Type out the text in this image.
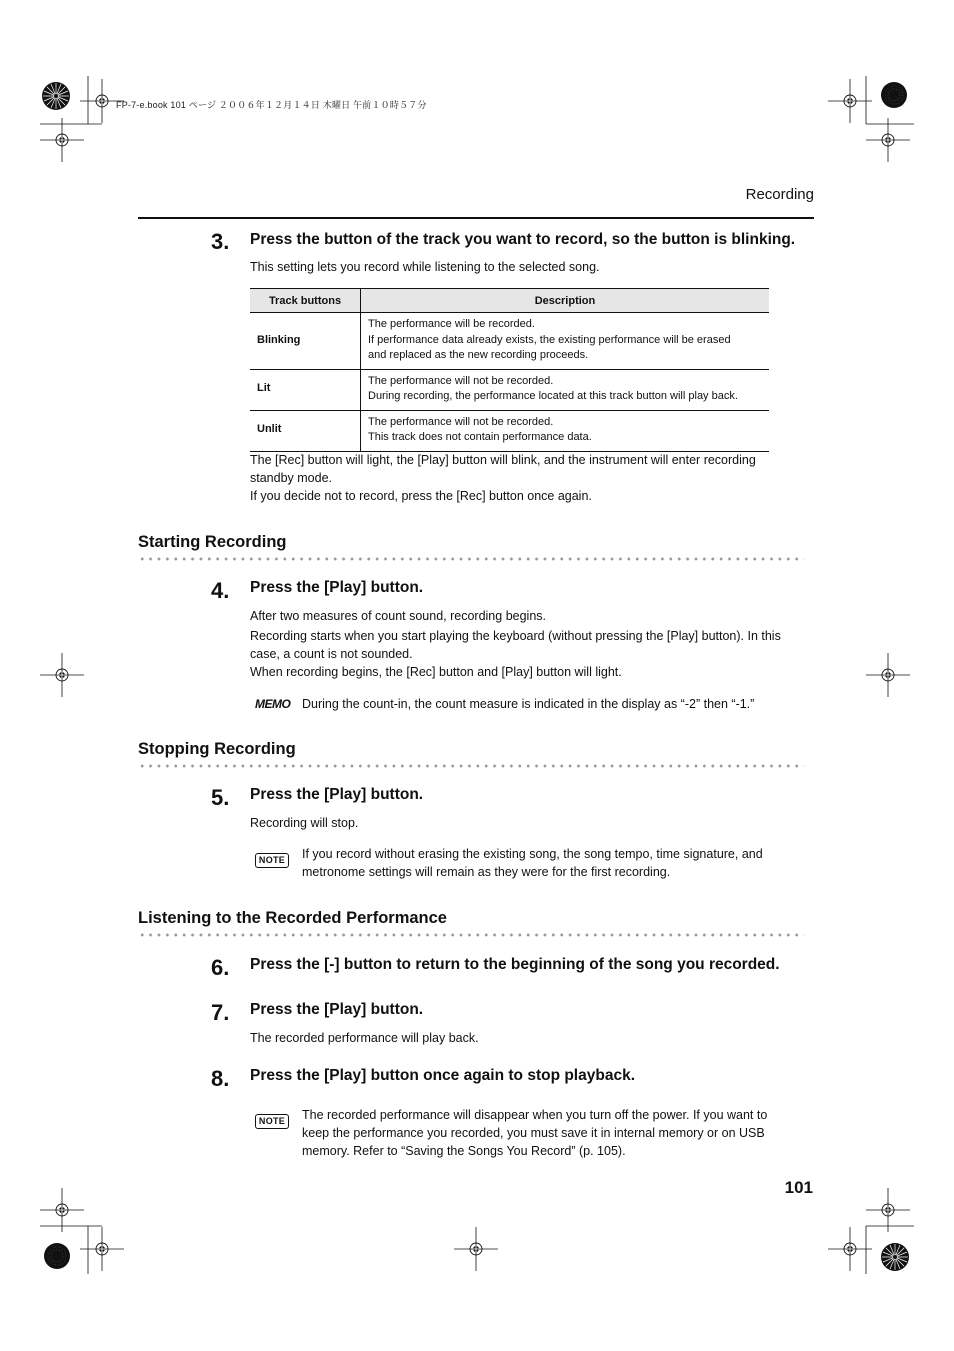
FP-7-e.book 101 ページ ２００６年１２月１４日 木曜日 午前１０時５７分
Recording
3. Press the button of the track you want to record, so the button is blinking.
This setting lets you record while listening to the selected song.
Track buttons	Description
Blinking	The performance will be recorded.
If performance data already exists, the existing performance will be erased
and replaced as the new recording proceeds.

Lit	The performance will not be recorded.
During recording, the performance located at this track button will play back.

Unlit	The performance will not be recorded.
This track does not contain performance data.
The [Rec] button will light, the [Play] button will blink, and the instrument will enter recording
standby mode.
If you decide not to record, press the [Rec] button once again.
Starting Recording
4. Press the [Play] button.
After two measures of count sound, recording begins.
Recording starts when you start playing the keyboard (without pressing the [Play] button). In this
case, a count is not sounded.
When recording begins, the [Rec] button and [Play] button will light.
MEMO During the count-in, the count measure is indicated in the display as “-2” then “-1.”
Stopping Recording
5. Press the [Play] button.
Recording will stop.
NOTE	If you record without erasing the existing song, the song tempo, time signature, and
metronome settings will remain as they were for the first recording.
Listening to the Recorded Performance
6. Press the [-] button to return to the beginning of the song you recorded.
7. Press the [Play] button.
The recorded performance will play back.
8. Press the [Play] button once again to stop playback.
NOTE	The recorded performance will disappear when you turn off the power. If you want to
keep the performance you recorded, you must save it in internal memory or on USB
memory. Refer to “Saving the Songs You Record” (p. 105).
101
